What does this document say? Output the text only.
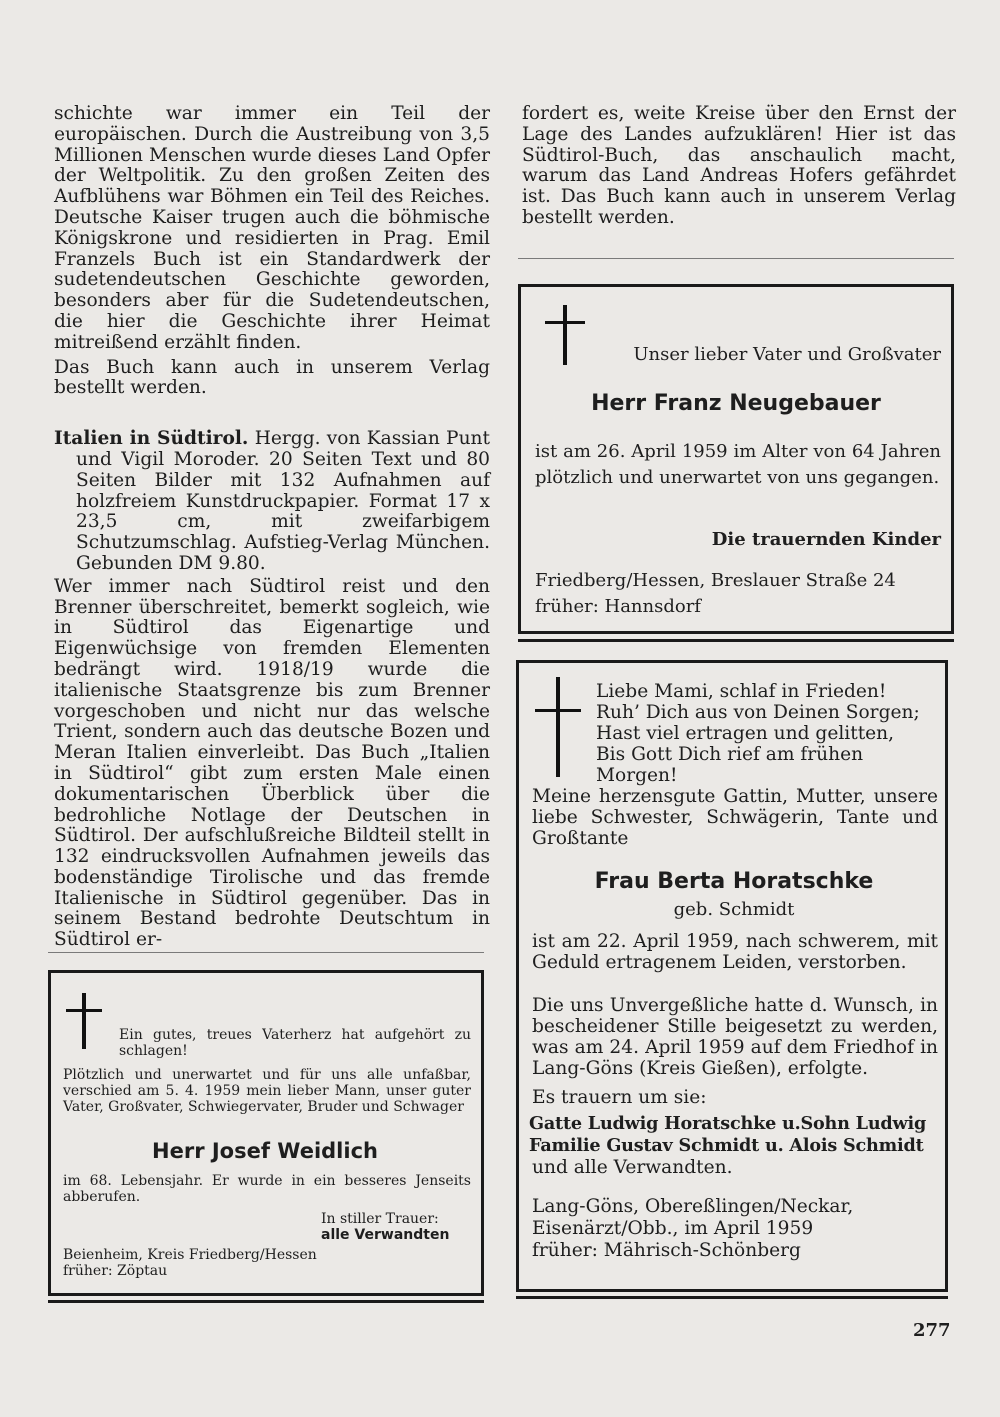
schichte war immer ein Teil der europäischen. Durch die Austreibung von 3,5 Millionen Menschen wurde dieses Land Opfer der Weltpolitik. Zu den großen Zeiten des Aufblühens war Böhmen ein Teil des Reiches. Deutsche Kaiser trugen auch die böhmische Königskrone und residierten in Prag. Emil Franzels Buch ist ein Standardwerk der sudetendeutschen Geschichte geworden, besonders aber für die Sudetendeutschen, die hier die Geschichte ihrer Heimat mitreißend erzählt finden.

Das Buch kann auch in unserem Verlag bestellt werden.

Italien in Südtirol. Hergg. von Kassian Punt und Vigil Moroder. 20 Seiten Text und 80 Seiten Bilder mit 132 Aufnahmen auf holzfreiem Kunstdruckpapier. Format 17 x 23,5 cm, mit zweifarbigem Schutzumschlag. Aufstieg-Verlag München. Gebunden DM 9.80.

Wer immer nach Südtirol reist und den Brenner überschreitet, bemerkt sogleich, wie in Südtirol das Eigenartige und Eigenwüchsige von fremden Elementen bedrängt wird. 1918/19 wurde die italienische Staatsgrenze bis zum Brenner vorgeschoben und nicht nur das welsche Trient, sondern auch das deutsche Bozen und Meran Italien einverleibt. Das Buch „Italien in Südtirol“ gibt zum ersten Male einen dokumentarischen Überblick über die bedrohliche Notlage der Deutschen in Südtirol. Der aufschlußreiche Bildteil stellt in 132 eindrucksvollen Aufnahmen jeweils das bodenständige Tirolische und das fremde Italienische in Südtirol gegenüber. Das in seinem Bestand bedrohte Deutschtum in Südtirol er-

fordert es, weite Kreise über den Ernst der Lage des Landes aufzuklären! Hier ist das Südtirol-Buch, das anschaulich macht, warum das Land Andreas Hofers gefährdet ist. Das Buch kann auch in unserem Verlag bestellt werden.

Unser lieber Vater und Großvater
Herr Franz Neugebauer
ist am 26. April 1959 im Alter von 64 Jahren plötzlich und unerwartet von uns gegangen.
Die trauernden Kinder
Friedberg/Hessen, Breslauer Straße 24
früher: Hannsdorf
Liebe Mami, schlaf in Frieden!
Ruh’ Dich aus von Deinen Sorgen;
Hast viel ertragen und gelitten,
Bis Gott Dich rief am frühen
Morgen!
Meine herzensgute Gattin, Mutter, unsere liebe Schwester, Schwägerin, Tante und Großtante
Frau Berta Horatschke
geb. Schmidt
ist am 22. April 1959, nach schwerem, mit Geduld ertragenem Leiden, verstorben.
Die uns Unvergeßliche hatte d. Wunsch, in bescheidener Stille beigesetzt zu werden, was am 24. April 1959 auf dem Friedhof in Lang-Göns (Kreis Gießen), erfolgte.
Es trauern um sie:
Gatte Ludwig Horatschke u.Sohn Ludwig
Familie Gustav Schmidt u. Alois Schmidt
und alle Verwandten.
Lang-Göns, Obereßlingen/Neckar,
Eisenärzt/Obb., im April 1959
früher: Mährisch-Schönberg
Ein gutes, treues Vaterherz hat aufgehört zu schlagen!
Plötzlich und unerwartet und für uns alle unfaßbar, verschied am 5. 4. 1959 mein lieber Mann, unser guter Vater, Großvater, Schwiegervater, Bruder und Schwager
Herr Josef Weidlich
im 68. Lebensjahr. Er wurde in ein besseres Jenseits abberufen.
In stiller Trauer:
alle Verwandten
Beienheim, Kreis Friedberg/Hessen
früher: Zöptau
277
